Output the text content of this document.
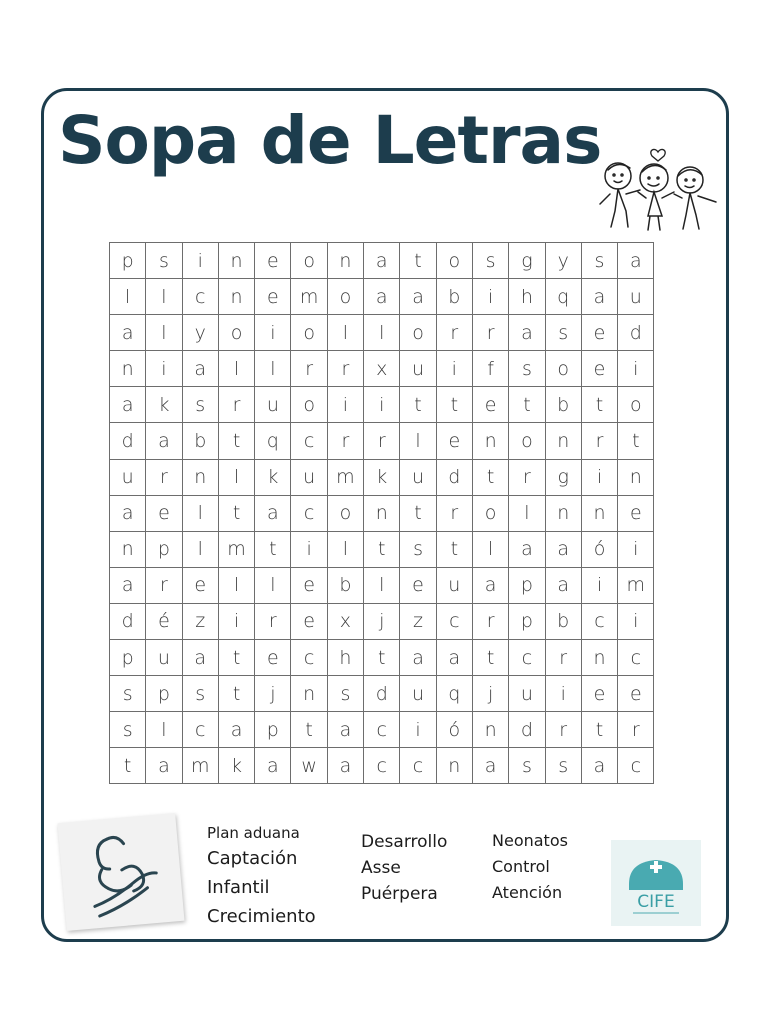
Sopa de Letras
p	s	i	n	e	o	n	a	t	o	s	g	y	s	a
l	l	c	n	e	m	o	a	a	b	i	h	q	a	u
a	l	y	o	i	o	l	l	o	r	r	a	s	e	d
n	i	a	l	l	r	r	x	u	i	f	s	o	e	i
a	k	s	r	u	o	i	i	t	t	e	t	b	t	o
d	a	b	t	q	c	r	r	l	e	n	o	n	r	t
u	r	n	l	k	u	m	k	u	d	t	r	g	i	n
a	e	l	t	a	c	o	n	t	r	o	l	n	n	e
n	p	l	m	t	i	l	t	s	t	l	a	a	ó	i
a	r	e	l	l	e	b	l	e	u	a	p	a	i	m
d	é	z	i	r	e	x	j	z	c	r	p	b	c	i
p	u	a	t	e	c	h	t	a	a	t	c	r	n	c
s	p	s	t	j	n	s	d	u	q	j	u	i	e	e
s	l	c	a	p	t	a	c	i	ó	n	d	r	t	r
t	a	m	k	a	w	a	c	c	n	a	s	s	a	c
Plan aduana
Captación
Infantil
Crecimiento
Desarrollo
Asse
Puérpera
Neonatos
Control
Atención	CIFE
